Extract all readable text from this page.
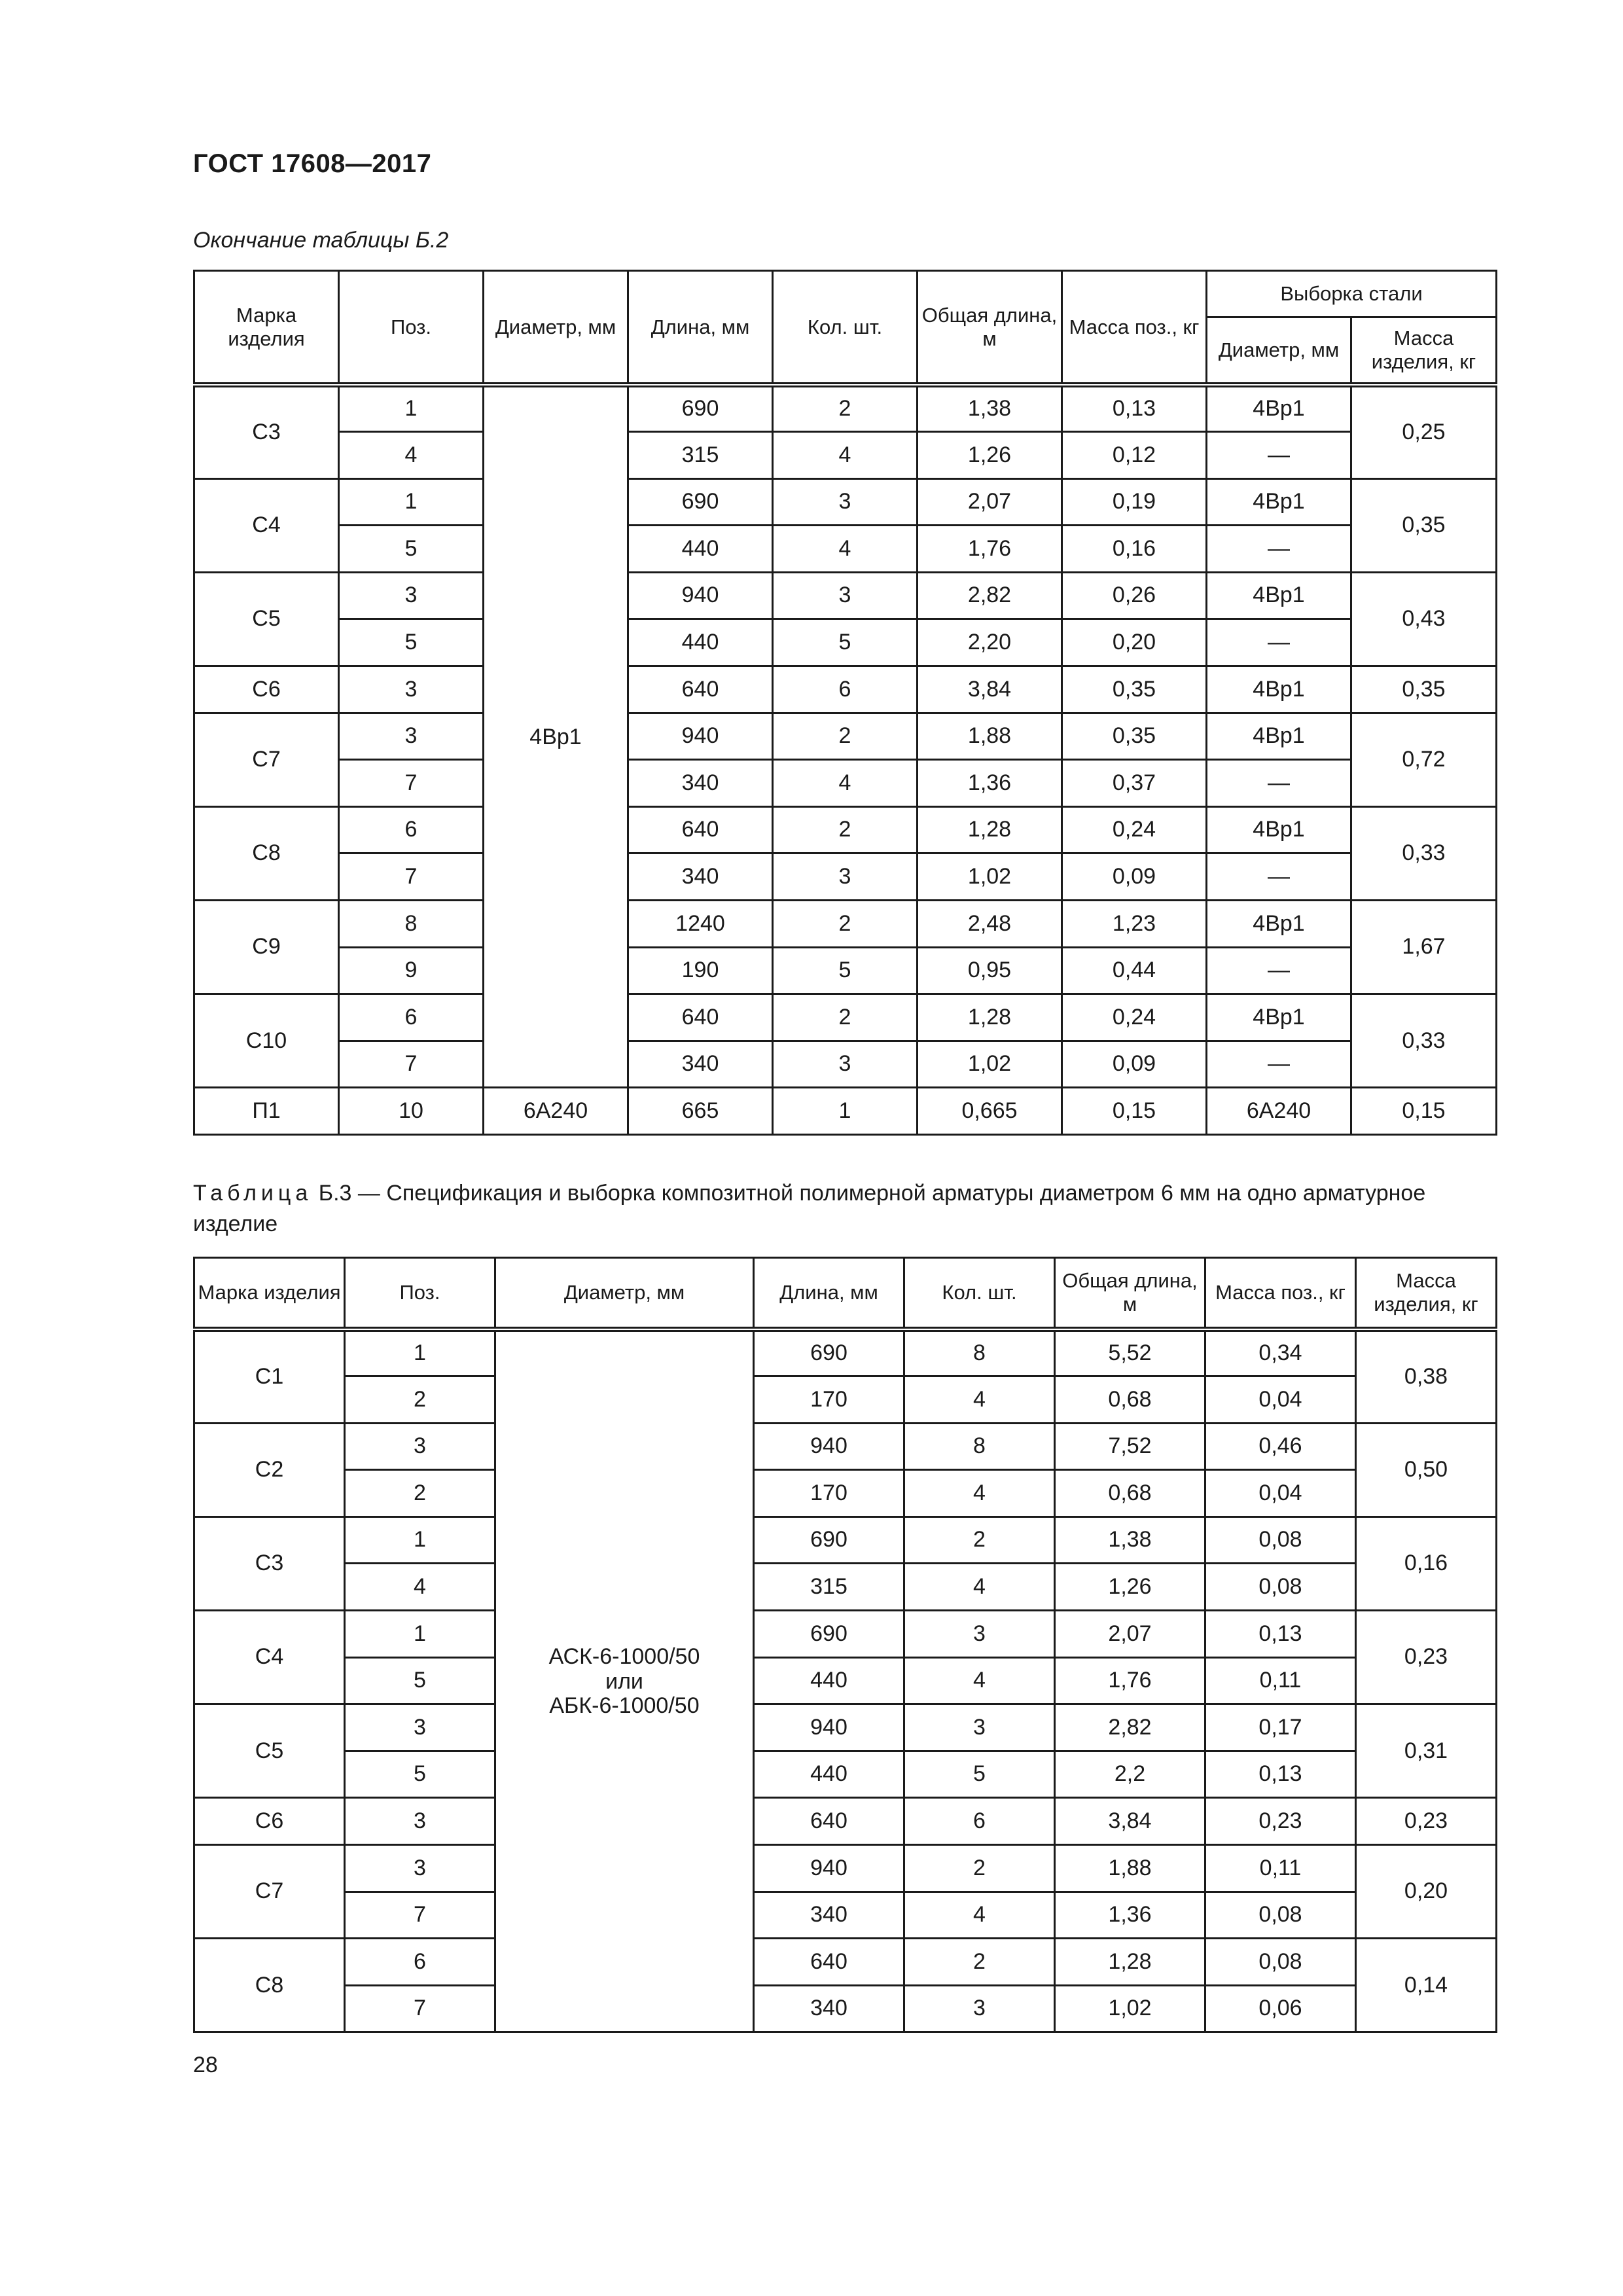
ГОСТ 17608—2017
Окончание таблицы Б.2
Марка изделия	Поз.	Диаметр, мм	Длина, мм	Кол. шт.	Общая длина, м	Масса поз., кг	Выборка стали	
							Диаметр, мм	Масса изделия, кг
С3	1	4Вр1	690	2	1,38	0,13	4Вр1	0,25
	4		315	4	1,26	0,12	—	
С4	1		690	3	2,07	0,19	4Вр1	0,35
	5		440	4	1,76	0,16	—	
С5	3		940	3	2,82	0,26	4Вр1	0,43
	5		440	5	2,20	0,20	—	
С6	3		640	6	3,84	0,35	4Вр1	0,35
С7	3		940	2	1,88	0,35	4Вр1	0,72
	7		340	4	1,36	0,37	—	
С8	6		640	2	1,28	0,24	4Вр1	0,33
	7		340	3	1,02	0,09	—	
С9	8		1240	2	2,48	1,23	4Вр1	1,67
	9		190	5	0,95	0,44	—	
С10	6		640	2	1,28	0,24	4Вр1	0,33
	7		340	3	1,02	0,09	—	
П1	10	6А240	665	1	0,665	0,15	6А240	0,15
Таблица Б.3 — Спецификация и выборка композитной полимерной арматуры диаметром 6 мм на одно арматурное изделие
Марка изделия	Поз.	Диаметр, мм	Длина, мм	Кол. шт.	Общая длина, м	Масса поз., кг	Масса изделия, кг
С1	1	АСК-6-1000/50
или
АБК-6-1000/50	690	8	5,52	0,34	0,38
	2		170	4	0,68	0,04	
С2	3		940	8	7,52	0,46	0,50
	2		170	4	0,68	0,04	
С3	1		690	2	1,38	0,08	0,16
	4		315	4	1,26	0,08	
С4	1		690	3	2,07	0,13	0,23
	5		440	4	1,76	0,11	
С5	3		940	3	2,82	0,17	0,31
	5		440	5	2,2	0,13	
С6	3		640	6	3,84	0,23	0,23
С7	3		940	2	1,88	0,11	0,20
	7		340	4	1,36	0,08	
С8	6		640	2	1,28	0,08	0,14
	7		340	3	1,02	0,06	
28
